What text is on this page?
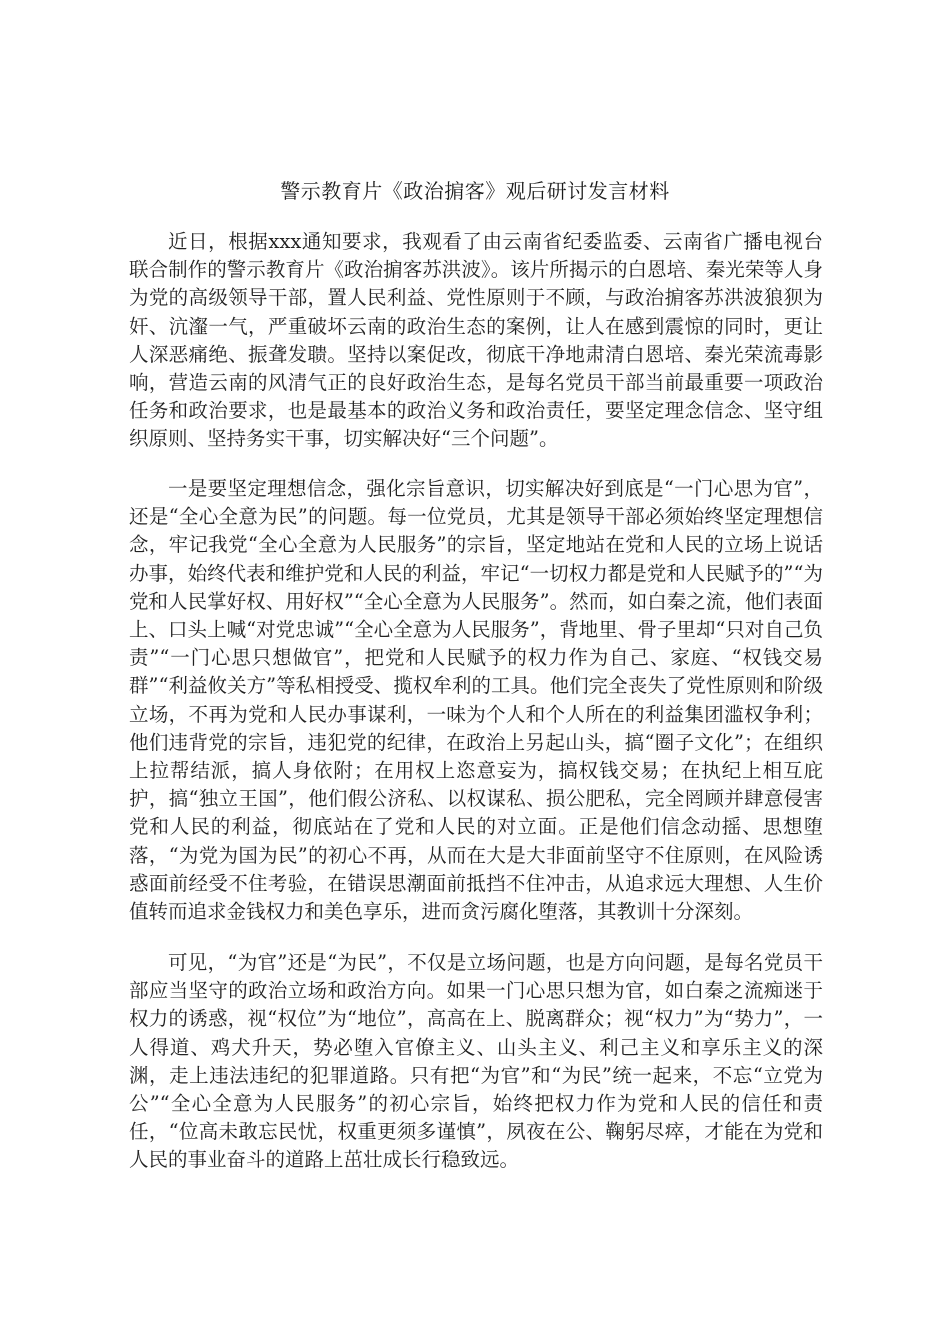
警示教育片《政治掮客》观后研讨发言材料

近日，根据xxx通知要求，我观看了由云南省纪委监委、云南省广播电视台联合制作的警示教育片《政治掮客苏洪波》。该片所揭示的白恩培、秦光荣等人身为党的高级领导干部，置人民利益、党性原则于不顾，与政治掮客苏洪波狼狈为奸、沆瀣一气，严重破坏云南的政治生态的案例，让人在感到震惊的同时，更让人深恶痛绝、振聋发聩。坚持以案促改，彻底干净地肃清白恩培、秦光荣流毒影响，营造云南的风清气正的良好政治生态，是每名党员干部当前最重要一项政治任务和政治要求，也是最基本的政治义务和政治责任，要坚定理念信念、坚守组织原则、坚持务实干事，切实解决好“三个问题”。

一是要坚定理想信念，强化宗旨意识，切实解决好到底是“一门心思为官”，还是“全心全意为民”的问题。每一位党员，尤其是领导干部必须始终坚定理想信念，牢记我党“全心全意为人民服务”的宗旨，坚定地站在党和人民的立场上说话办事，始终代表和维护党和人民的利益，牢记“一切权力都是党和人民赋予的”“为党和人民掌好权、用好权”“全心全意为人民服务”。然而，如白秦之流，他们表面上、口头上喊“对党忠诚”“全心全意为人民服务”，背地里、骨子里却“只对自己负责”“一门心思只想做官”，把党和人民赋予的权力作为自己、家庭、“权钱交易群”“利益攸关方”等私相授受、揽权牟利的工具。他们完全丧失了党性原则和阶级立场，不再为党和人民办事谋利，一味为个人和个人所在的利益集团滥权争利；他们违背党的宗旨，违犯党的纪律，在政治上另起山头，搞“圈子文化”；在组织上拉帮结派，搞人身依附；在用权上恣意妄为，搞权钱交易；在执纪上相互庇护，搞“独立王国”，他们假公济私、以权谋私、损公肥私，完全罔顾并肆意侵害党和人民的利益，彻底站在了党和人民的对立面。正是他们信念动摇、思想堕落，“为党为国为民”的初心不再，从而在大是大非面前坚守不住原则，在风险诱惑面前经受不住考验，在错误思潮面前抵挡不住冲击，从追求远大理想、人生价值转而追求金钱权力和美色享乐，进而贪污腐化堕落，其教训十分深刻。

可见，“为官”还是“为民”，不仅是立场问题，也是方向问题，是每名党员干部应当坚守的政治立场和政治方向。如果一门心思只想为官，如白秦之流痴迷于权力的诱惑，视“权位”为“地位”，高高在上、脱离群众；视“权力”为“势力”，一人得道、鸡犬升天，势必堕入官僚主义、山头主义、利己主义和享乐主义的深渊，走上违法违纪的犯罪道路。只有把“为官”和“为民”统一起来，不忘“立党为公”“全心全意为人民服务”的初心宗旨，始终把权力作为党和人民的信任和责任，“位高未敢忘民忧，权重更须多谨慎”，夙夜在公、鞠躬尽瘁，才能在为党和人民的事业奋斗的道路上茁壮成长行稳致远。
